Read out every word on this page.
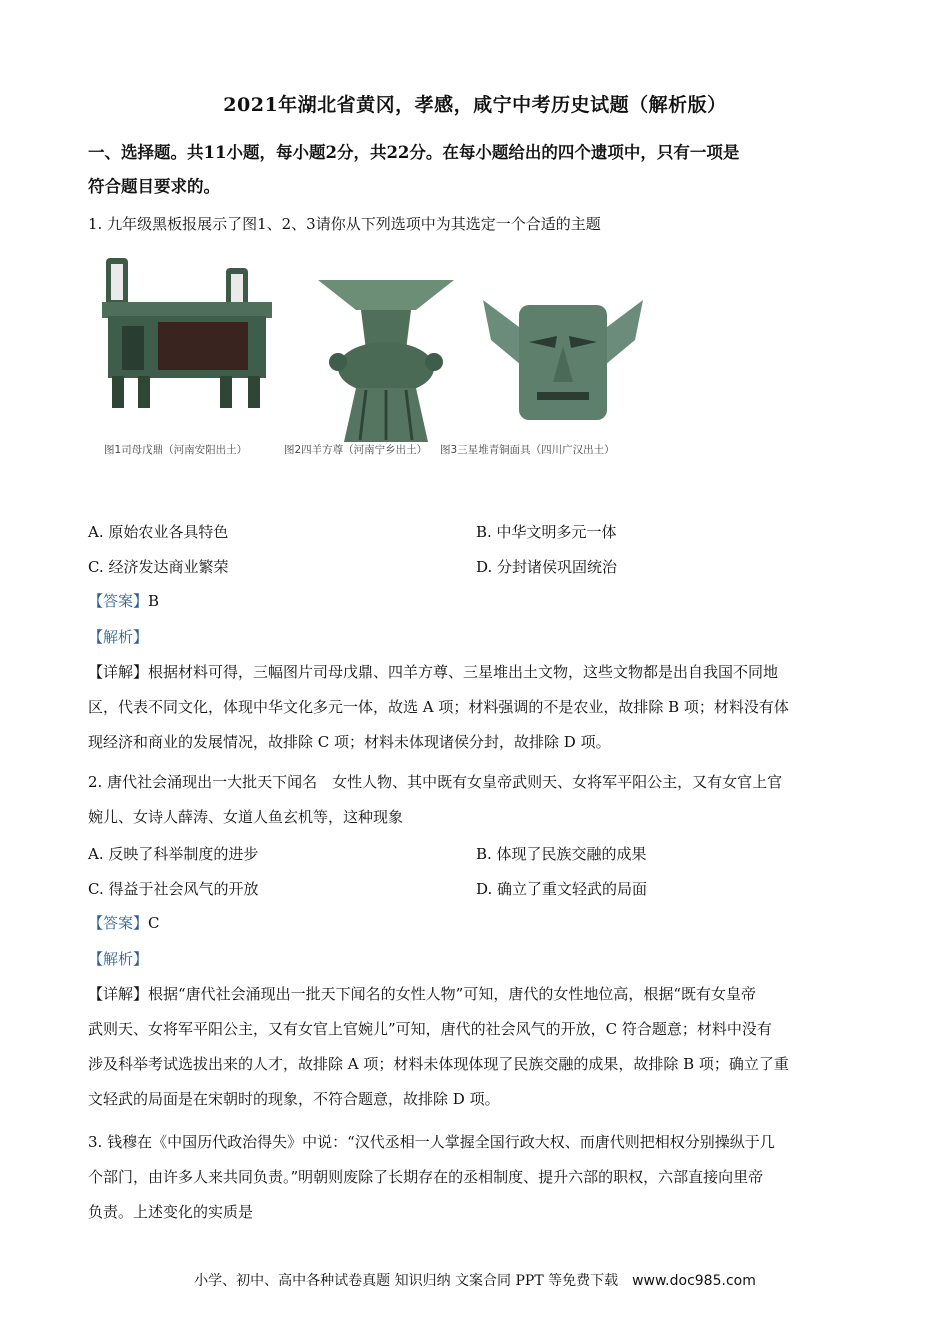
2021年湖北省黄冈，孝感，咸宁中考历史试题（解析版）
一、选择题。共11小题，每小题2分，共22分。在每小题给出的四个遗项中，只有一项是
符合题目要求的。
1. 九年级黑板报展示了图1、2、3请你从下列选项中为其选定一个合适的主题
图1司母戊鼎（河南安阳出土）	图2四羊方尊（河南宁乡出土） 图3三星堆青铜面具（四川广汉出土）
A. 原始农业各具特色	B. 中华文明多元一体
C. 经济发达商业繁荣	D. 分封诸侯巩固统治
【答案】B
【解析】
【详解】根据材料可得，三幅图片司母戊鼎、四羊方尊、三星堆出土文物，这些文物都是出自我国不同地
区，代表不同文化，体现中华文化多元一体，故选 A 项；材料强调的不是农业，故排除 B 项；材料没有体
现经济和商业的发展情况，故排除 C 项；材料未体现诸侯分封，故排除 D 项。
2. 唐代社会涌现出一大批天下闻名　女性人物、其中既有女皇帝武则天、女将军平阳公主，又有女官上官
婉儿、女诗人薛涛、女道人鱼玄机等，这种现象
A. 反映了科举制度的进步	B. 体现了民族交融的成果
C. 得益于社会风气的开放	D. 确立了重文轻武的局面
【答案】C
【解析】
【详解】根据“唐代社会涌现出一批天下闻名的女性人物”可知，唐代的女性地位高，根据“既有女皇帝
武则天、女将军平阳公主，又有女官上官婉儿”可知，唐代的社会风气的开放，C 符合题意；材料中没有
涉及科举考试选拔出来的人才，故排除 A 项；材料未体现体现了民族交融的成果，故排除 B 项；确立了重
文轻武的局面是在宋朝时的现象，不符合题意，故排除 D 项。
3. 钱穆在《中国历代政治得失》中说：“汉代丞相一人掌握全国行政大权、而唐代则把相权分别操纵于几
个部门，由许多人来共同负责。”明朝则废除了长期存在的丞相制度、提升六部的职权，六部直接向里帝
负责。上述变化的实质是
小学、初中、高中各种试卷真题 知识归纳 文案合同 PPT 等免费下载 www.doc985.com
